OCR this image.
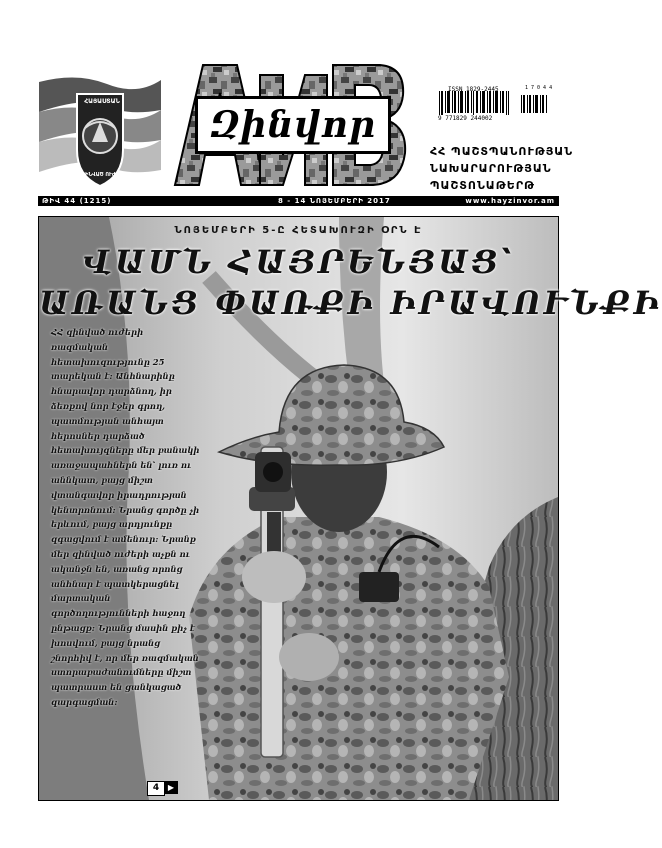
ՀԱՅԱՍՏԱՆ
ԶԻՆՎԱԾ ՈՒԺԵՐ
Զինվոր
ISSN 1829-2445
9 771829 244002
1 7 0 4 4
ՀՀ ՊԱՇՏՊԱՆՈՒԹՅԱՆ
ՆԱԽԱՐԱՐՈՒԹՅԱՆ
ՊԱՇՏՈՆԱԹԵՐԹ
ԹԻՎ 44 (1215)	8 - 14 ՆՈՅԵՄԲԵՐԻ 2017	www.hayzinvor.am
ՆՈՅԵՄԲԵՐԻ 5-Ը ՀԵՏԱԽՈՒԶԻ ՕՐՆ Է
ՎԱՄՆ ՀԱՅՐԵՆՅԱՑ՝
ԱՌԱՆՑ ՓԱՌՔԻ ԻՐԱՎՈՒՆՔԻ

ՀՀ զինված ուժերի ռազմական հետախուզությունը 25 տարեկան է: Անհնարինը հնարավոր դարձնող, իր ձեռքով նոր էջեր գրող, պատմության անհայտ հերոսներ դարձած հետախույզները մեր բանակի առաջապահներն են՝ լուռ ու աննկատ, բայց միշտ վտանգավոր իրադրության կենտրոնում: Նրանց գործը չի երևում, բայց արդյունքը զգացվում է ամենուր: Նրանք մեր զինված ուժերի աչքն ու ականջն են, առանց որոնց անհնար է պատկերացնել մարտական գործողությունների հաջող ընթացք: Նրանց մասին քիչ է խոսվում, բայց նրանց շնորհիվ է, որ մեր ռազմական ստորաբաժանումները միշտ պատրաստ են ցանկացած զարգացման:

4	▶
